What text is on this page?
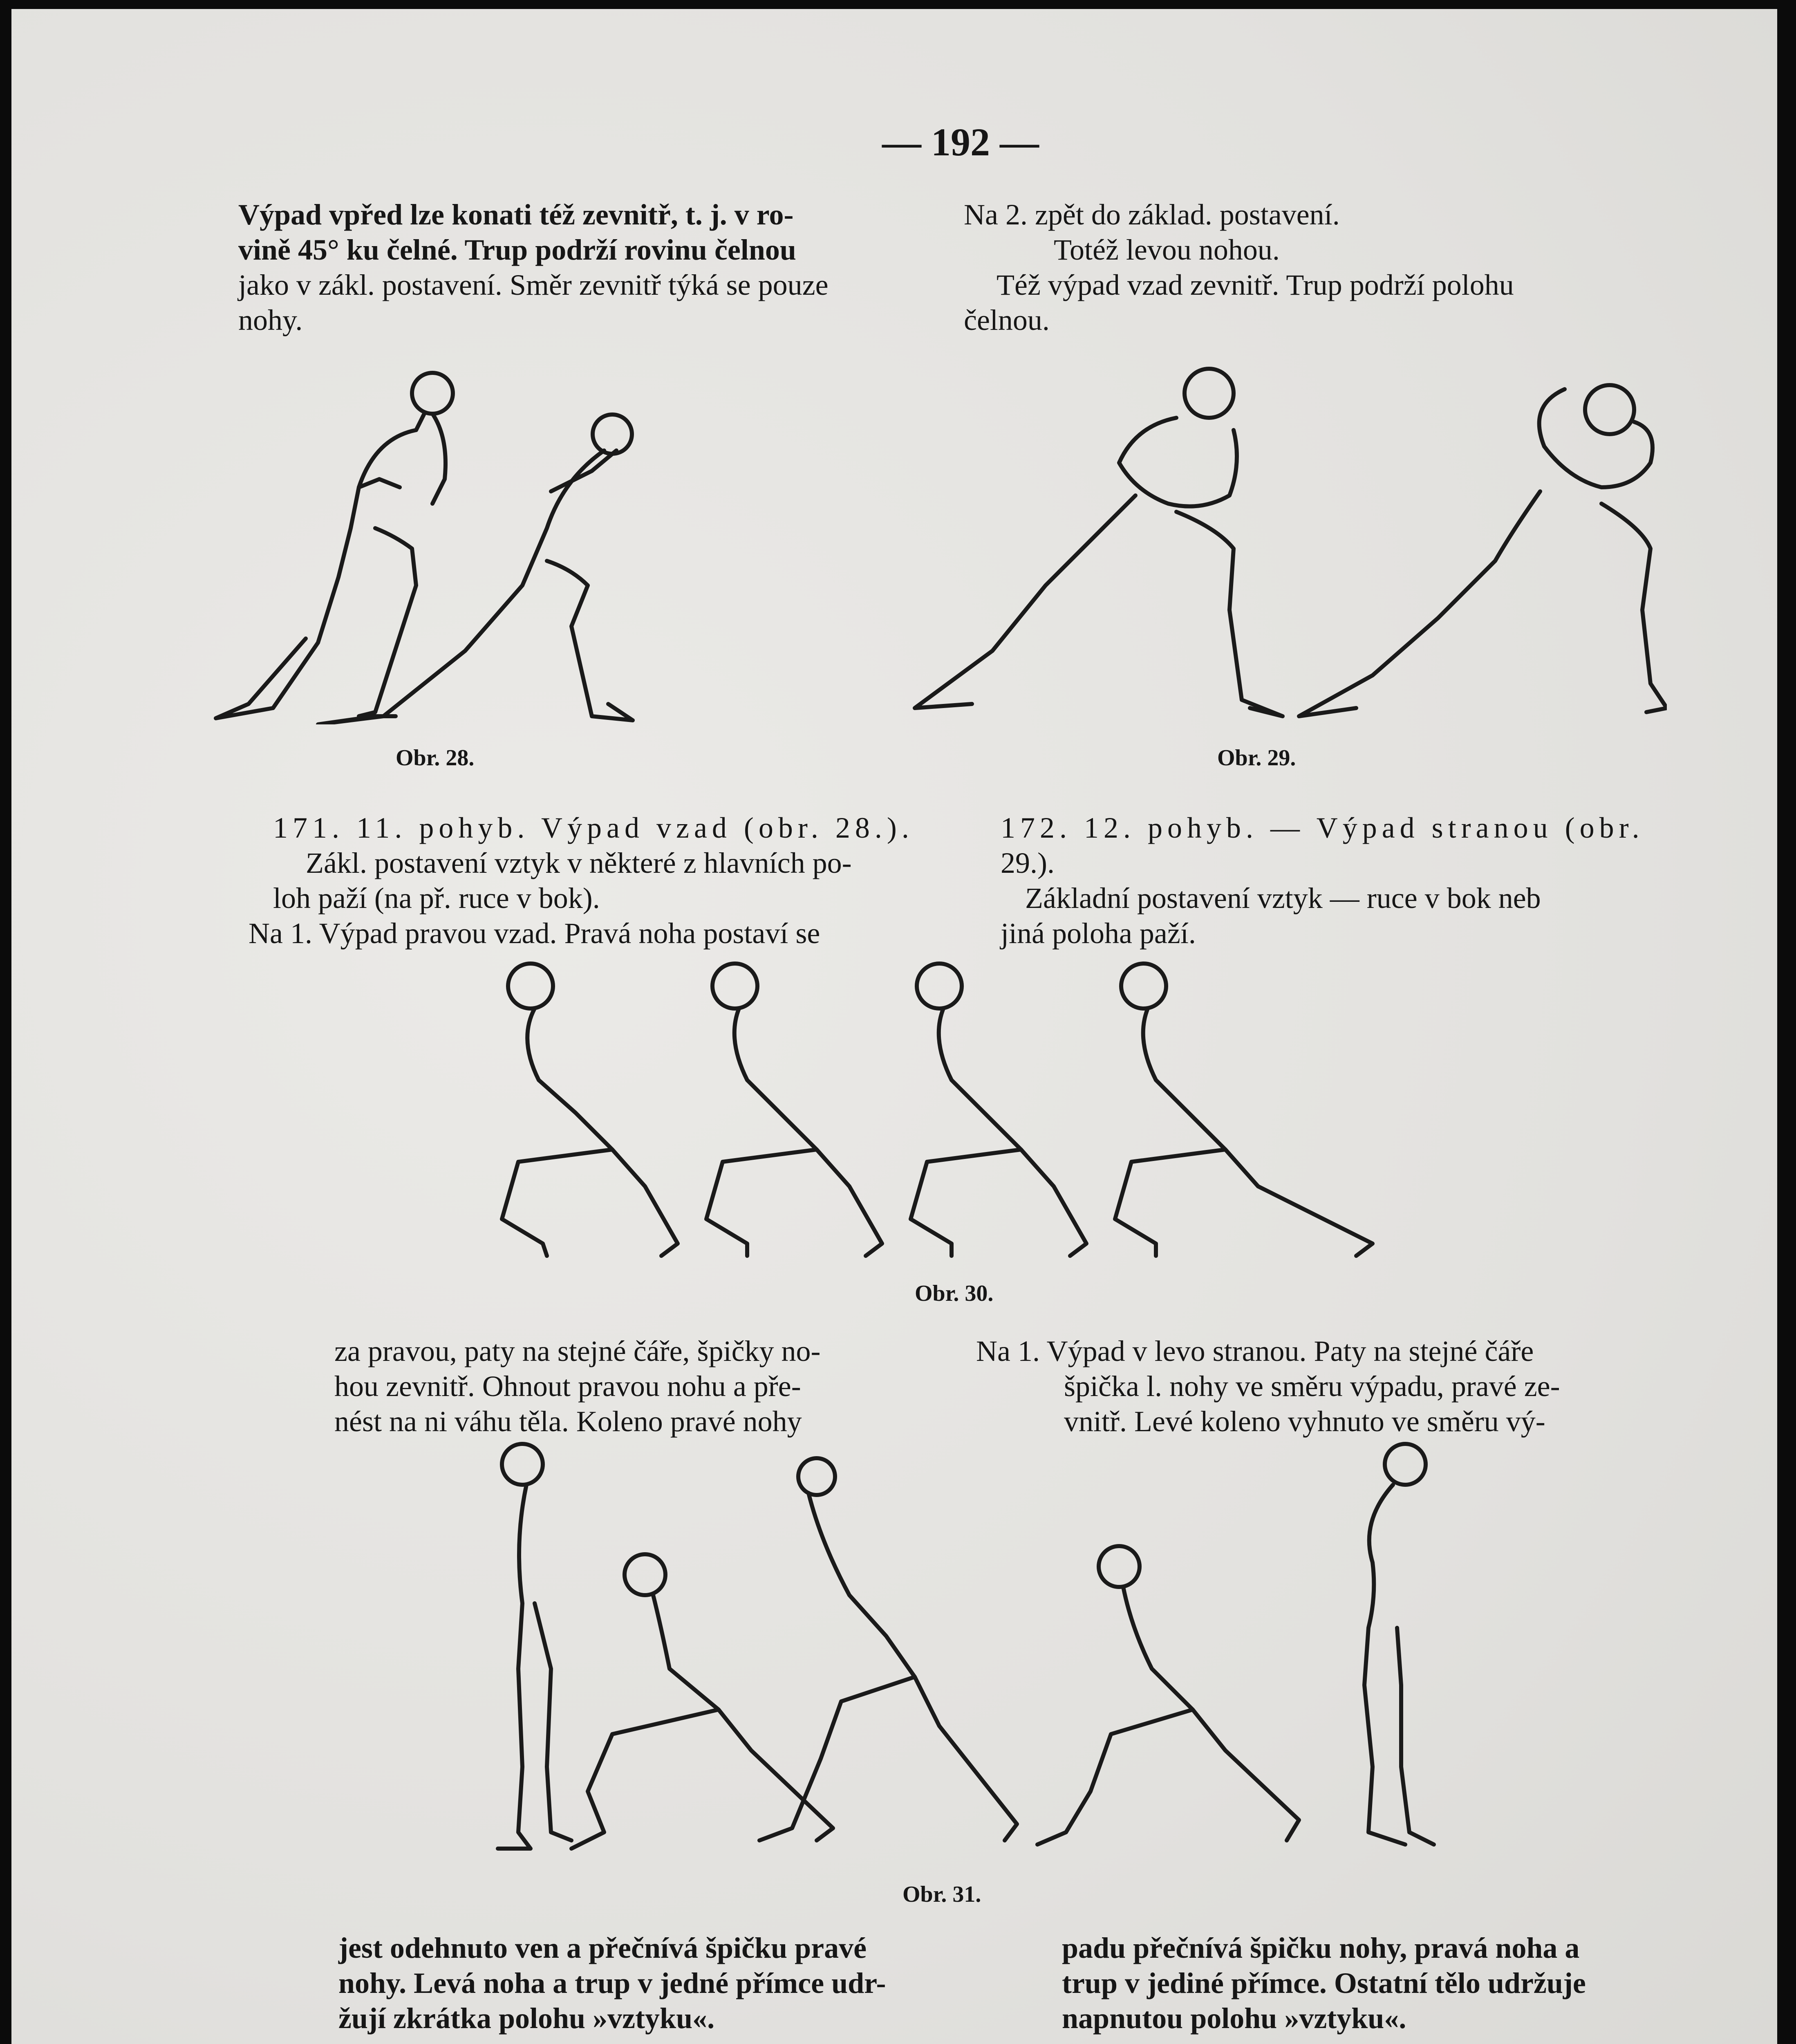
— 192 —
Výpad vpřed lze konati též zevnitř, t. j. v ro-
vině 45° ku čelné. Trup podrží rovinu čelnou
jako v zákl. postavení. Směr zevnitř týká se pouze
nohy.
Na 2. zpět do základ. postavení.
Totéž levou nohou.
Též výpad vzad zevnitř. Trup podrží polohu
čelnou.
Obr. 28.	Obr. 29.
171. 11. pohyb. Výpad vzad (obr. 28.).
Zákl. postavení vztyk v některé z hlavních po-
loh paží (na př. ruce v bok).
Na 1. Výpad pravou vzad. Pravá noha postaví se
172. 12. pohyb. — Výpad stranou (obr.
29.).
Základní postavení vztyk — ruce v bok neb
jiná poloha paží.
Obr. 30.
za pravou, paty na stejné čáře, špičky no-
hou zevnitř. Ohnout pravou nohu a pře-
nést na ni váhu těla. Koleno pravé nohy
Na 1. Výpad v levo stranou. Paty na stejné čáře
špička l. nohy ve směru výpadu, pravé ze-
vnitř. Levé koleno vyhnuto ve směru vý-
Obr. 31.
jest odehnuto ven a přečnívá špičku pravé
nohy. Levá noha a trup v jedné přímce udr-
žují zkrátka polohu »vztyku«.
padu přečnívá špičku nohy, pravá noha a
trup v jediné přímce. Ostatní tělo udržuje
napnutou polohu »vztyku«.
